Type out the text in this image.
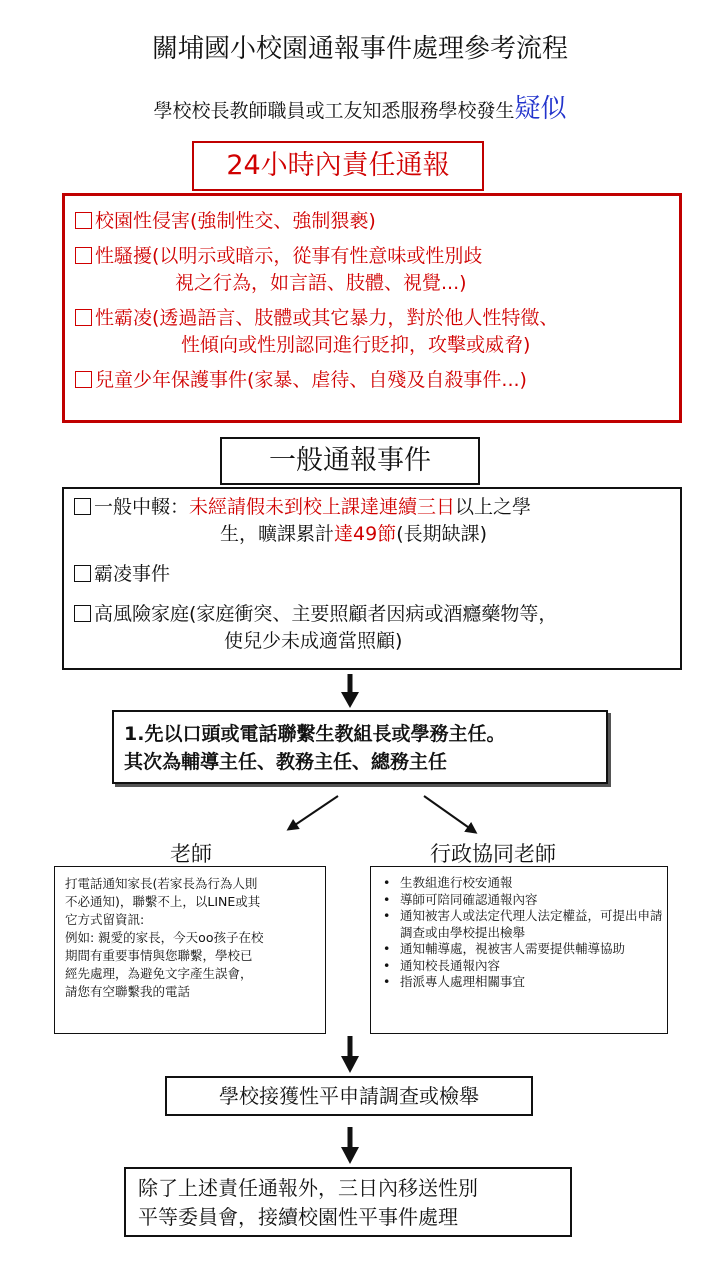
關埔國小校園通報事件處理參考流程
學校校長教師職員或工友知悉服務學校發生疑似
24小時內責任通報
校園性侵害(強制性交、強制猥褻)
性騷擾(以明示或暗示，從事有性意味或性別歧
視之行為，如言語、肢體、視覺...)
性霸凌(透過語言、肢體或其它暴力，對於他人性特徵、
性傾向或性別認同進行貶抑，攻擊或威脅)
兒童少年保護事件(家暴、虐待、自殘及自殺事件...)
一般通報事件
一般中輟：未經請假未到校上課達連續三日以上之學
生，曠課累計達49節(長期缺課)
霸凌事件
高風險家庭(家庭衝突、主要照顧者因病或酒癮藥物等，
使兒少未成適當照顧)
1.先以口頭或電話聯繫生教組長或學務主任。
其次為輔導主任、教務主任、總務主任
老師	行政協同老師
打電話通知家長(若家長為行為人則
不必通知)，聯繫不上，以LINE或其
它方式留資訊:
例如: 親愛的家長，今天oo孩子在校
期間有重要事情與您聯繫，學校已
經先處理，為避免文字產生誤會，
請您有空聯繫我的電話
• 生教組進行校安通報
• 導師可陪同確認通報內容
• 通知被害人或法定代理人法定權益，可提出申請調查或由學校提出檢舉
• 通知輔導處，視被害人需要提供輔導協助
• 通知校長通報內容
• 指派專人處理相關事宜
學校接獲性平申請調查或檢舉
除了上述責任通報外，三日內移送性別
平等委員會，接續校園性平事件處理
